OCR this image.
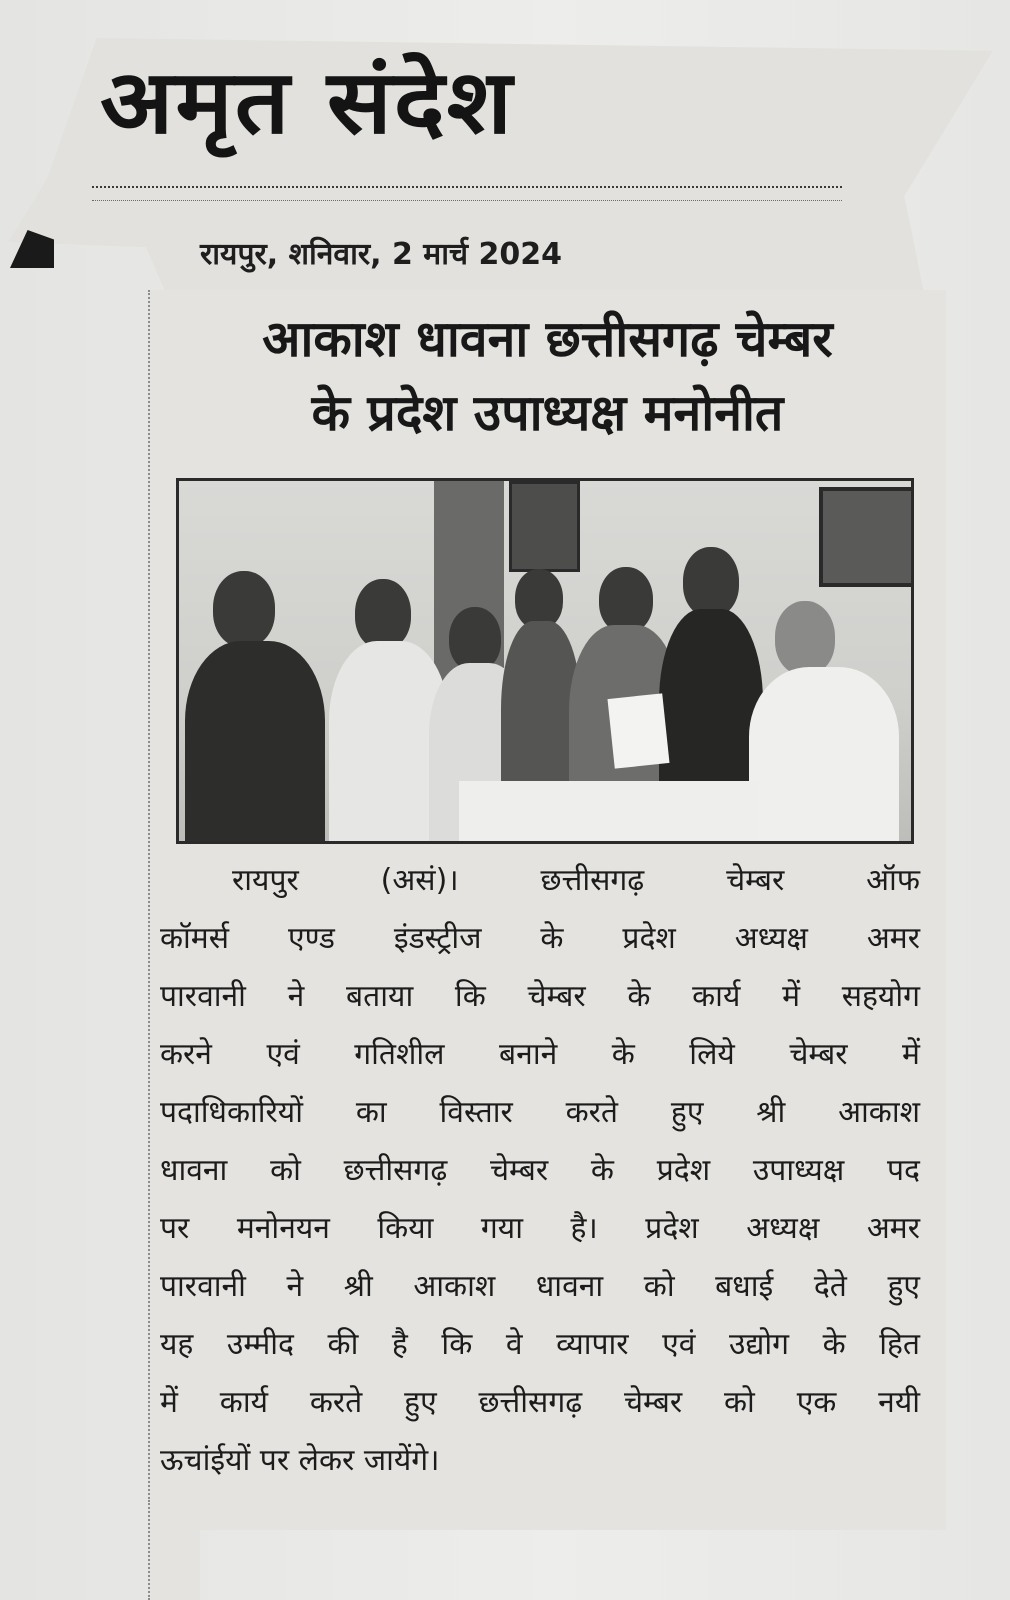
अमृत संदेश
रायपुर, शनिवार, 2 मार्च 2024
आकाश धावना छत्तीसगढ़ चेम्बर
के प्रदेश उपाध्यक्ष मनोनीत
रायपुर (असं)। छत्तीसगढ़ चेम्बर ऑफ
कॉमर्स एण्ड इंडस्ट्रीज के प्रदेश अध्यक्ष अमर
पारवानी ने बताया कि चेम्बर के कार्य में सहयोग
करने एवं गतिशील बनाने के लिये चेम्बर में
पदाधिकारियों का विस्तार करते हुए श्री आकाश
धावना को छत्तीसगढ़ चेम्बर के प्रदेश उपाध्यक्ष पद
पर मनोनयन किया गया है। प्रदेश अध्यक्ष अमर
पारवानी ने श्री आकाश धावना को बधाई देते हुए
यह उम्मीद की है कि वे व्यापार एवं उद्योग के हित
में कार्य करते हुए छत्तीसगढ़ चेम्बर को एक नयी
ऊचांईयों पर लेकर जायेंगे।
